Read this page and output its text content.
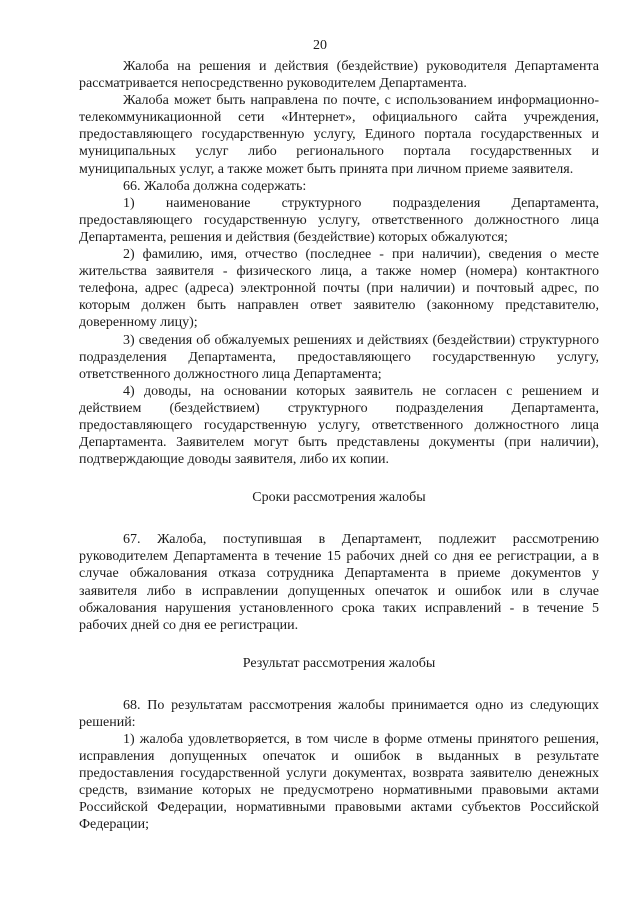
20

Жалоба на решения и действия (бездействие) руководителя Департамента рассматривается непосредственно руководителем Департамента.

Жалоба может быть направлена по почте, с использованием информационно-телекоммуникационной сети «Интернет», официального сайта учреждения, предоставляющего государственную услугу, Единого портала государственных и муниципальных услуг либо регионального портала государственных и муниципальных услуг, а также может быть принята при личном приеме заявителя.

66. Жалоба должна содержать:

1) наименование структурного подразделения Департамента, предоставляющего государственную услугу, ответственного должностного лица Департамента, решения и действия (бездействие) которых обжалуются;

2) фамилию, имя, отчество (последнее - при наличии), сведения о месте жительства заявителя - физического лица, а также номер (номера) контактного телефона, адрес (адреса) электронной почты (при наличии) и почтовый адрес, по которым должен быть направлен ответ заявителю (законному представителю, доверенному лицу);

3) сведения об обжалуемых решениях и действиях (бездействии) структурного подразделения Департамента, предоставляющего государственную услугу, ответственного должностного лица Департамента;

4) доводы, на основании которых заявитель не согласен с решением и действием (бездействием) структурного подразделения Департамента, предоставляющего государственную услугу, ответственного должностного лица Департамента. Заявителем могут быть представлены документы (при наличии), подтверждающие доводы заявителя, либо их копии.

Сроки рассмотрения жалобы

67. Жалоба, поступившая в Департамент, подлежит рассмотрению руководителем Департамента в течение 15 рабочих дней со дня ее регистрации, а в случае обжалования отказа сотрудника Департамента в приеме документов у заявителя либо в исправлении допущенных опечаток и ошибок или в случае обжалования нарушения установленного срока таких исправлений - в течение 5 рабочих дней со дня ее регистрации.

Результат рассмотрения жалобы

68. По результатам рассмотрения жалобы принимается одно из следующих решений:

1) жалоба удовлетворяется, в том числе в форме отмены принятого решения, исправления допущенных опечаток и ошибок в выданных в результате предоставления государственной услуги документах, возврата заявителю денежных средств, взимание которых не предусмотрено нормативными правовыми актами Российской Федерации, нормативными правовыми актами субъектов Российской Федерации;
